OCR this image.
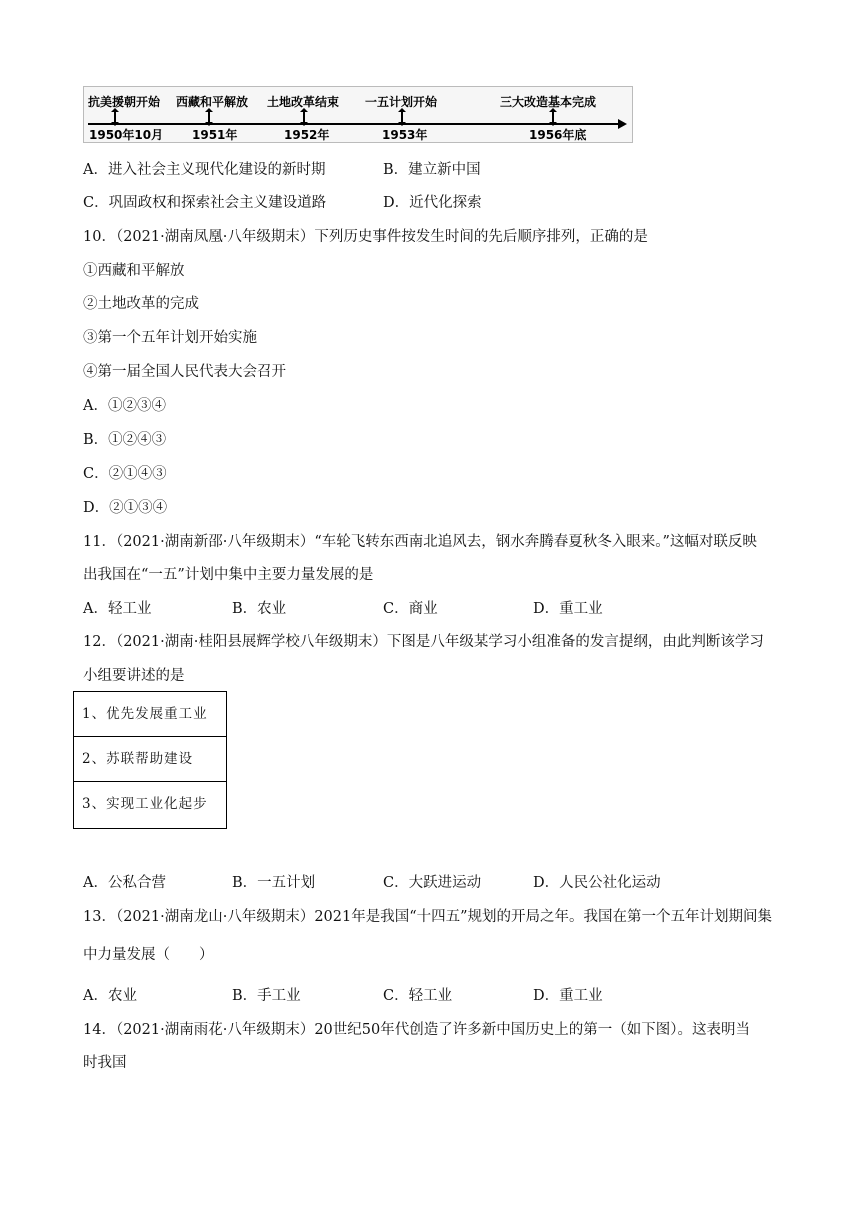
抗美援朝开始 西藏和平解放 土地改革结束 一五计划开始	三大改造基本完成
1950年10月 1951年	1952年	1953年	1956年底
A．进入社会主义现代化建设的新时期	B．建立新中国
C．巩固政权和探索社会主义建设道路	D．近代化探索
10．（2021·湖南凤凰·八年级期末）下列历史事件按发生时间的先后顺序排列，正确的是
①西藏和平解放
②土地改革的完成
③第一个五年计划开始实施
④第一届全国人民代表大会召开
A．①②③④
B．①②④③
C．②①④③
D．②①③④
11．（2021·湖南新邵·八年级期末）“车轮飞转东西南北追风去，钢水奔腾春夏秋冬入眼来。”这幅对联反映
出我国在“一五”计划中集中主要力量发展的是
A．轻工业	B．农业	C．商业	D．重工业
12．（2021·湖南·桂阳县展辉学校八年级期末）下图是八年级某学习小组准备的发言提纲，由此判断该学习
小组要讲述的是
1、优先发展重工业
2、苏联帮助建设
3、实现工业化起步
A．公私合营	B．一五计划	C．大跃进运动	D．人民公社化运动
13．（2021·湖南龙山·八年级期末）2021年是我国“十四五”规划的开局之年。我国在第一个五年计划期间集
中力量发展（　　）
A．农业	B．手工业	C．轻工业	D．重工业
14．（2021·湖南雨花·八年级期末）20世纪50年代创造了许多新中国历史上的第一（如下图）。这表明当
时我国
